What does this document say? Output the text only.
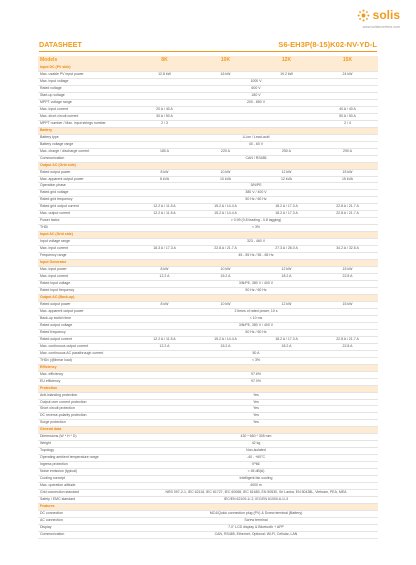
solis
www.solisinverters.com
DATASHEET	S6-EH3P(8-15)K02-NV-YD-L
Models	8K	10K	12K	15K
Input DC (PV side)				
Max. usable PV input power	12.8 kW	16 kW	19.2 kW	24 kW
Max. input voltage	1000 V			
Rated voltage	600 V			
Start-up voltage	180 V			
MPPT voltage range	200 - 850 V			
Max. input current	20 A / 40 A			40 A / 40 A
Max. short circuit current	30 A / 50 A			50 A / 50 A
MPPT number / Max. input strings number	2 / 3			2 / 4
Battery				
Battery type	Li-ion / Lead-acid			
Battery voltage range	40 - 60 V			
Max. charge / discharge current	180 A	220 A	250 A	290 A
Communication	CAN / RS485			
Output AC (Grid side)				
Rated output power	8 kW	10 kW	12 kW	15 kW
Max. apparent output power	8 kVA	10 kVA	12 kVA	15 kVA
Operation phase	3/N/PE			
Rated grid voltage	380 V / 400 V			
Rated grid frequency	50 Hz / 60 Hz			
Rated grid output current	12.2 A / 11.5 A	15.2 A / 14.4 A	18.2 A / 17.3 A	22.8 A / 21.7 A
Max. output current	12.2 A / 11.5 A	15.2 A / 14.4 A	18.2 A / 17.3 A	22.8 A / 21.7 A
Power factor	> 0.99 (0.8 leading - 0.8 lagging)			
THDi	< 3%			
Input AC (Grid side)				
Input voltage range	323 - 460 V			
Max. input current	18.3 A / 17.3 A	22.8 A / 21.7 A	27.3 A / 26.0 A	34.2 A / 32.5 A
Frequency range	45 - 55 Hz / 55 - 65 Hz			
Input Generator				
Max. input power	8 kW	10 kW	12 kW	15 kW
Max. input current	12.2 A	15.2 A	18.2 A	22.8 A
Rated input voltage	3/N/PE, 380 V / 400 V			
Rated input frequency	50 Hz / 60 Hz			
Output AC (Back-up)				
Rated output power	8 kW	10 kW	12 kW	15 kW
Max. apparent output power	2 times of rated power, 10 s			
Back-up switch time	< 10 ms			
Rated output voltage	3/N/PE, 380 V / 400 V			
Rated frequency	50 Hz / 60 Hz			
Rated output current	12.2 A / 11.5 A	15.2 A / 14.4 A	18.2 A / 17.3 A	22.8 A / 21.7 A
Max. continuous output current	12.2 A	15.2 A	18.2 A	22.8 A
Max. continuous AC passthrough current	50 A			
THDv (@linear load)	< 3%			
Efficiency				
Max. efficiency	97.6%			
EU efficiency	97.0%			
Protection				
Anti-islanding protection	Yes			
Output over current protection	Yes			
Short circuit protection	Yes			
DC reverse-polarity protection	Yes			
Surge protection	Yes			
General data				
Dimensions (W * H * D)	430 * 660 * 305 mm			
Weight	42 kg			
Topology	Non-isolated			
Operating ambient temperature range	-40 - +60°C			
Ingress protection	IP66			
Noise emission (typical)	< 45 dB(A)			
Cooling concept	Intelligent fan cooling			
Max. operation altitude	4000 m			
Grid connection standard	NRS 097-2-1, IEC 62116, IEC 61727, IEC 60068, IEC 61683, EN 50530, Sri Lanka, EN 50438L, Vietnam, PEA, MEA			
Safety / EMC standard	IEC/EN 62109-1/-2, IEC/EN 61000-6-1/-3			
Features				
DC connection	MC4/Quick connection plug (PV) & Screw terminal (Battery)			
AC connection	Screw terminal			
Display	7.0" LCD display & Bluetooth + APP			
Communication	CAN, RS485, Ethernet, Optional: Wi-Fi, Cellular, LAN			
